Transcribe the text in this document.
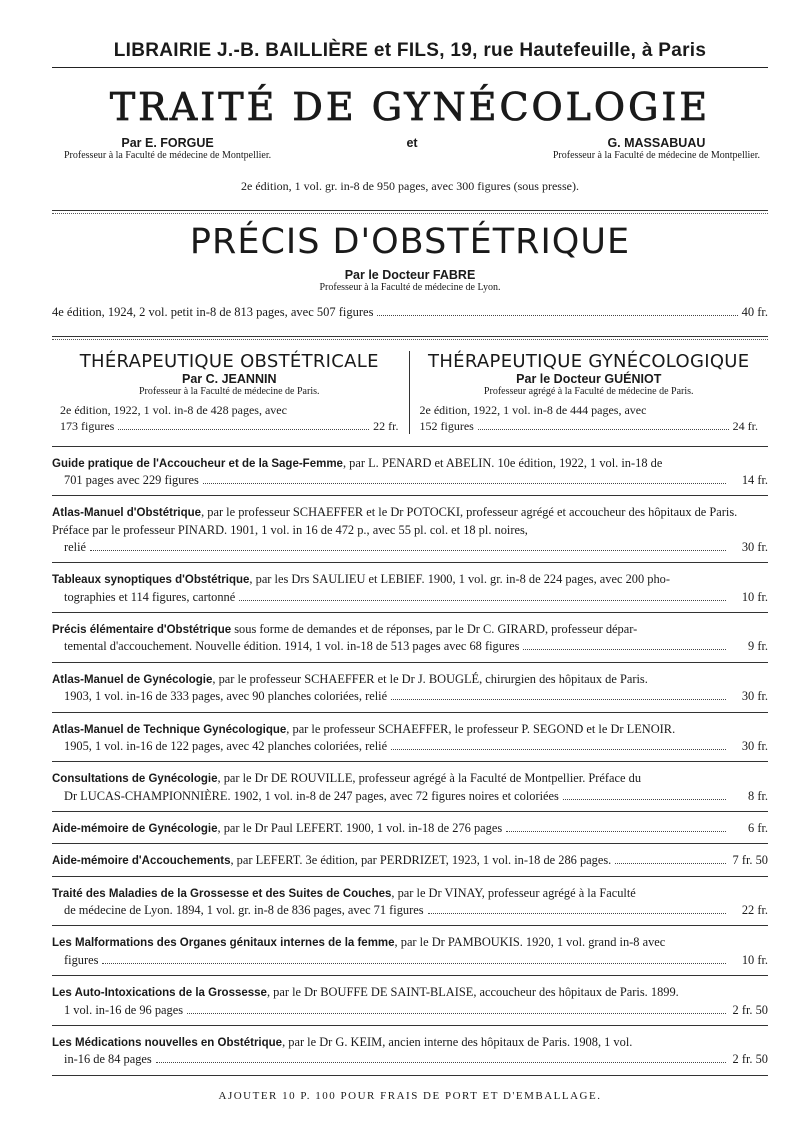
LIBRAIRIE J.-B. BAILLIÈRE et FILS, 19, rue Hautefeuille, à Paris
TRAITÉ DE GYNÉCOLOGIE
Par E. FORGUE
Professeur à la Faculté de médecine de Montpellier.
et	G. MASSABUAU
Professeur à la Faculté de médecine de Montpellier.
2e édition, 1 vol. gr. in-8 de 950 pages, avec 300 figures (sous presse).
PRÉCIS D'OBSTÉTRIQUE
Par le Docteur FABRE
Professeur à la Faculté de médecine de Lyon.
4e édition, 1924, 2 vol. petit in-8 de 813 pages, avec 507 figures	40 fr.
THÉRAPEUTIQUE OBSTÉTRICALE
Par C. JEANNIN
Professeur à la Faculté de médecine de Paris.
2e édition, 1922, 1 vol. in-8 de 428 pages, avec
173 figures	22 fr.
THÉRAPEUTIQUE GYNÉCOLOGIQUE
Par le Docteur GUÉNIOT
Professeur agrégé à la Faculté de médecine de Paris.
2e édition, 1922, 1 vol. in-8 de 444 pages, avec
152 figures	24 fr.
Guide pratique de l'Accoucheur et de la Sage-Femme, par L. PENARD et ABELIN. 10e édition, 1922, 1 vol. in-18 de
701 pages avec 229 figures	14 fr.
Atlas-Manuel d'Obstétrique, par le professeur SCHAEFFER et le Dr POTOCKI, professeur agrégé et accoucheur des hôpitaux de Paris. Préface par le professeur PINARD. 1901, 1 vol. in 16 de 472 p., avec 55 pl. col. et 18 pl. noires,
relié	30 fr.
Tableaux synoptiques d'Obstétrique, par les Drs SAULIEU et LEBIEF. 1900, 1 vol. gr. in-8 de 224 pages, avec 200 pho-
tographies et 114 figures, cartonné	10 fr.
Précis élémentaire d'Obstétrique sous forme de demandes et de réponses, par le Dr C. GIRARD, professeur dépar-
temental d'accouchement. Nouvelle édition. 1914, 1 vol. in-18 de 513 pages avec 68 figures	9 fr.
Atlas-Manuel de Gynécologie, par le professeur SCHAEFFER et le Dr J. BOUGLÉ, chirurgien des hôpitaux de Paris.
1903, 1 vol. in-16 de 333 pages, avec 90 planches coloriées, relié	30 fr.
Atlas-Manuel de Technique Gynécologique, par le professeur SCHAEFFER, le professeur P. SEGOND et le Dr LENOIR.
1905, 1 vol. in-16 de 122 pages, avec 42 planches coloriées, relié	30 fr.
Consultations de Gynécologie, par le Dr DE ROUVILLE, professeur agrégé à la Faculté de Montpellier. Préface du
Dr LUCAS-CHAMPIONNIÈRE. 1902, 1 vol. in-8 de 247 pages, avec 72 figures noires et coloriées	8 fr.
Aide-mémoire de Gynécologie , par le Dr Paul LEFERT. 1900, 1 vol. in-18 de 276 pages	6 fr.
Aide-mémoire d'Accouchements , par LEFERT. 3e édition, par PERDRIZET, 1923, 1 vol. in-18 de 286 pages.	7 fr. 50
Traité des Maladies de la Grossesse et des Suites de Couches, par le Dr VINAY, professeur agrégé à la Faculté
de médecine de Lyon. 1894, 1 vol. gr. in-8 de 836 pages, avec 71 figures	22 fr.
Les Malformations des Organes génitaux internes de la femme, par le Dr PAMBOUKIS. 1920, 1 vol. grand in-8 avec
figures	10 fr.
Les Auto-Intoxications de la Grossesse, par le Dr BOUFFE DE SAINT-BLAISE, accoucheur des hôpitaux de Paris. 1899.
1 vol. in-16 de 96 pages	2 fr. 50
Les Médications nouvelles en Obstétrique, par le Dr G. KEIM, ancien interne des hôpitaux de Paris. 1908, 1 vol.
in-16 de 84 pages	2 fr. 50
AJOUTER 10 P. 100 POUR FRAIS DE PORT ET D'EMBALLAGE.
